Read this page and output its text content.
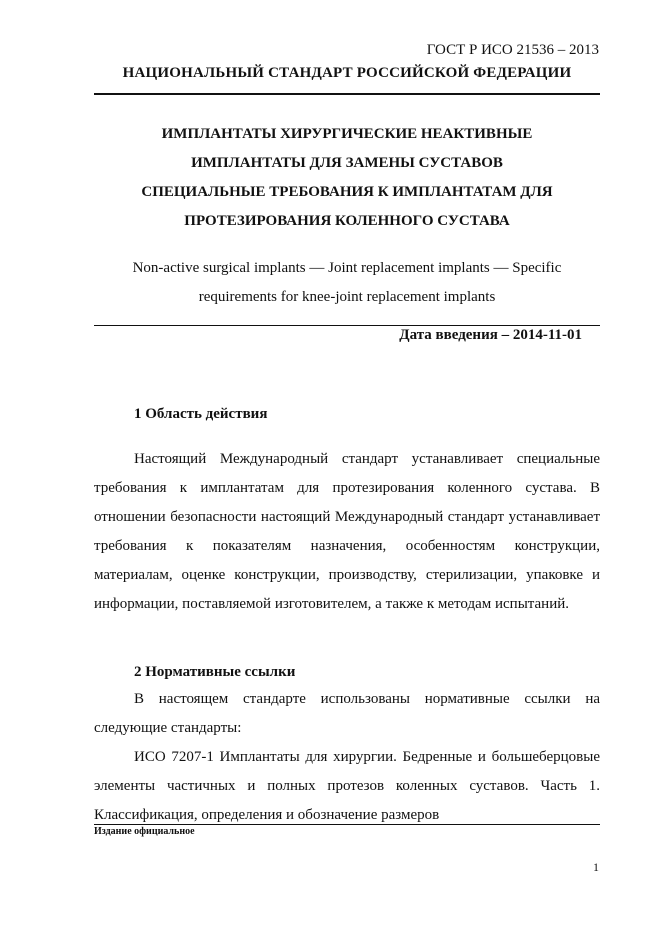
ГОСТ Р ИСО 21536 – 2013
НАЦИОНАЛЬНЫЙ СТАНДАРТ РОССИЙСКОЙ ФЕДЕРАЦИИ
ИМПЛАНТАТЫ ХИРУРГИЧЕСКИЕ НЕАКТИВНЫЕ
ИМПЛАНТАТЫ ДЛЯ ЗАМЕНЫ СУСТАВОВ
СПЕЦИАЛЬНЫЕ ТРЕБОВАНИЯ К ИМПЛАНТАТАМ ДЛЯ
ПРОТЕЗИРОВАНИЯ КОЛЕННОГО СУСТАВА
Non-active surgical implants — Joint replacement implants — Specific
requirements for knee-joint replacement implants
Дата введения – 2014-11-01
1 Область действия

Настоящий Международный стандарт устанавливает специальные требования к имплантатам для протезирования коленного сустава. В отношении безопасности настоящий Международный стандарт устанавливает требования к показателям назначения, особенностям конструкции, материалам, оценке конструкции, производству, стерилизации, упаковке и информации, поставляемой изготовителем, а также к методам испытаний.

2 Нормативные ссылки

В настоящем стандарте использованы нормативные ссылки на следующие стандарты:

ИСО 7207-1 Имплантаты для хирургии. Бедренные и большеберцовые элементы частичных и полных протезов коленных суставов. Часть 1. Классификация, определения и обозначение размеров

Издание официальное
1
